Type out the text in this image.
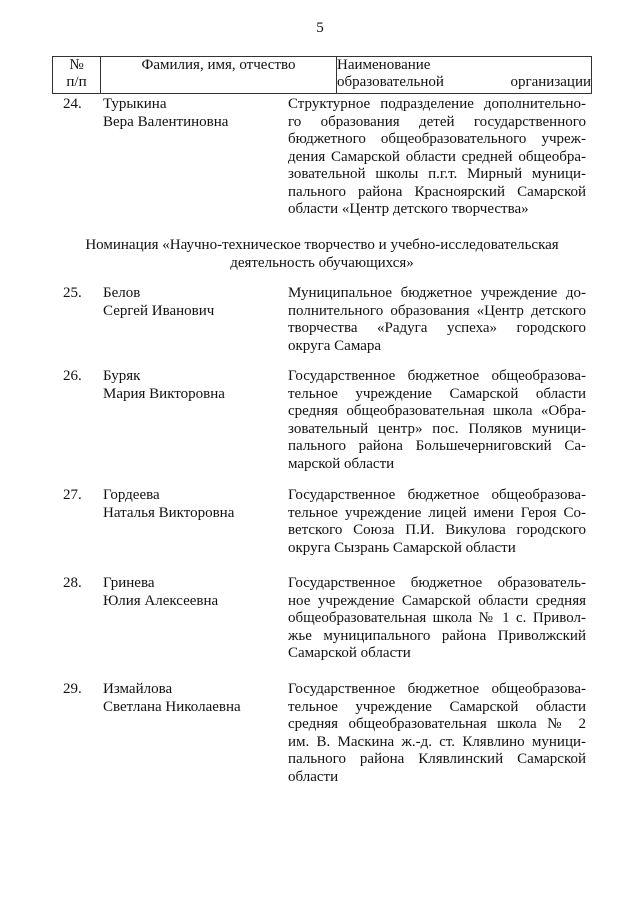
5
№
п/п
Фамилия, имя, отчество	Наименование
образовательной организации
24. Турыкина
Вера Валентиновна
Структурное подразделение дополнительно-
го образования детей государственного
бюджетного общеобразовательного учреж-
дения Самарской области средней общеобра-
зовательной школы п.г.т. Мирный муници-
пального района Красноярский Самарской
области «Центр детского творчества»
Номинация «Научно-техническое творчество и учебно-исследовательская
деятельность обучающихся»
25. Белов
Сергей Иванович
Муниципальное бюджетное учреждение до-
полнительного образования «Центр детского
творчества «Радуга успеха» городского
округа Самара
26. Буряк
Мария Викторовна
Государственное бюджетное общеобразова-
тельное учреждение Самарской области
средняя общеобразовательная школа «Обра-
зовательный центр» пос. Поляков муници-
пального района Большечерниговский Са-
марской области
27. Гордеева
Наталья Викторовна
Государственное бюджетное общеобразова-
тельное учреждение лицей имени Героя Со-
ветского Союза П.И. Викулова городского
округа Сызрань Самарской области
28. Гринева
Юлия Алексеевна
Государственное бюджетное образователь-
ное учреждение Самарской области средняя
общеобразовательная школа № 1 с. Привол-
жье муниципального района Приволжский
Самарской области
29. Измайлова
Светлана Николаевна
Государственное бюджетное общеобразова-
тельное учреждение Самарской области
средняя общеобразовательная школа № 2
им. В. Маскина ж.-д. ст. Клявлино муници-
пального района Клявлинский Самарской
области
